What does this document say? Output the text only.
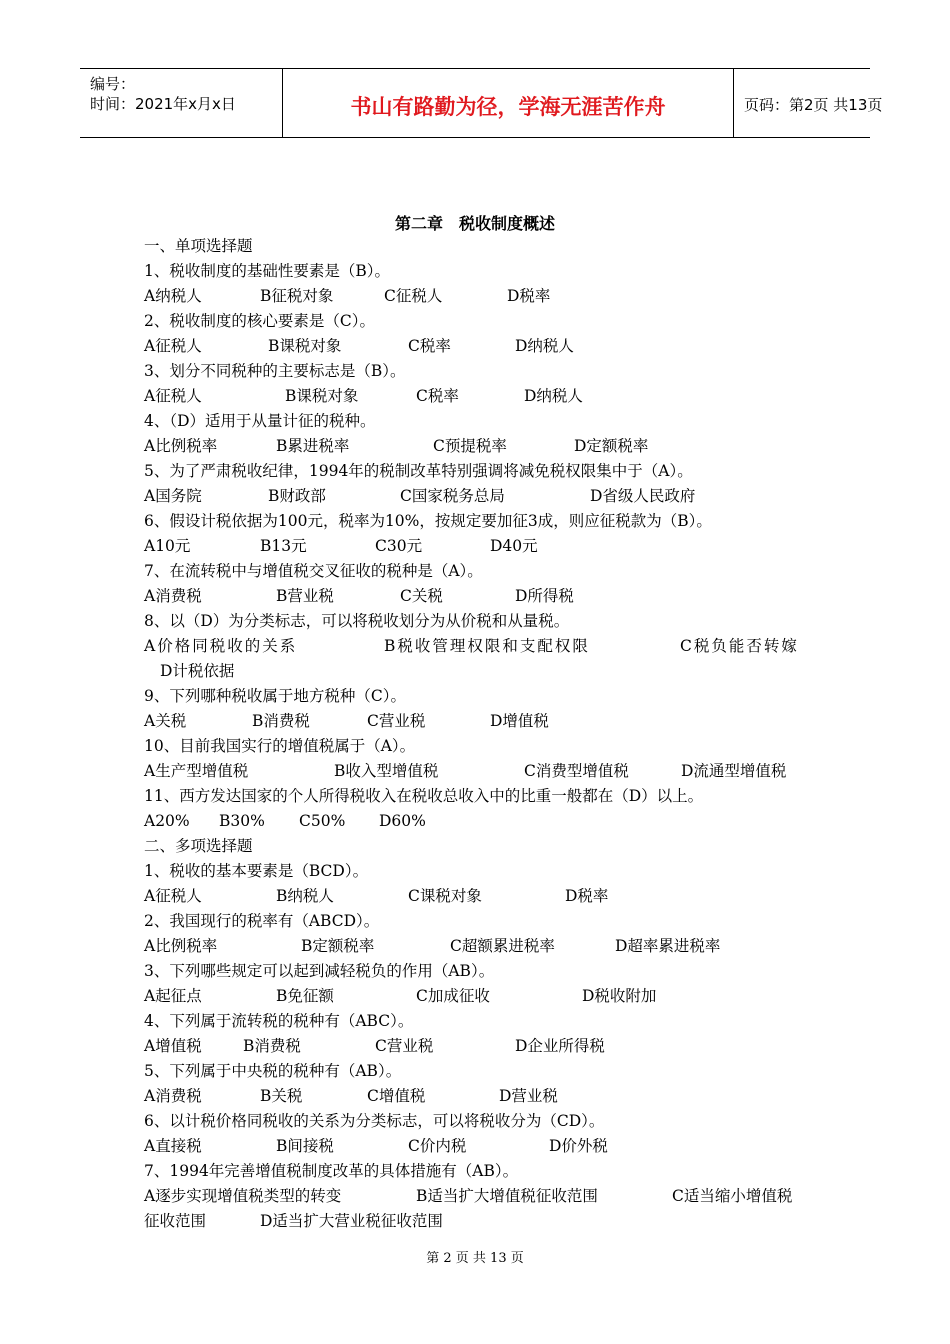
编号：
时间：2021年x月x日	书山有路勤为径，学海无涯苦作舟	页码：第2页 共13页
第二章　税收制度概述
一、单项选择题
1、税收制度的基础性要素是（B）。
A纳税人	B征税对象	C征税人	D税率
2、税收制度的核心要素是（C）。
A征税人	B课税对象	C税率	D纳税人
3、划分不同税种的主要标志是（B）。
A征税人	B课税对象	C税率	D纳税人
4、（D）适用于从量计征的税种。
A比例税率	B累进税率	C预提税率	D定额税率
5、为了严肃税收纪律，1994年的税制改革特别强调将减免税权限集中于（A）。
A国务院	B财政部	C国家税务总局	D省级人民政府
6、假设计税依据为100元，税率为10%，按规定要加征3成，则应征税款为（B）。
A10元	B13元	C30元	D40元
7、在流转税中与增值税交叉征收的税种是（A）。
A消费税	B营业税	C关税	D所得税
8、以（D）为分类标志，可以将税收划分为从价税和从量税。
A价格同税收的关系	B税收管理权限和支配权限	C税负能否转嫁
D计税依据
9、下列哪种税收属于地方税种（C）。
A关税	B消费税	C营业税	D增值税
10、目前我国实行的增值税属于（A）。
A生产型增值税	B收入型增值税	C消费型增值税	D流通型增值税
11、西方发达国家的个人所得税收入在税收总收入中的比重一般都在（D）以上。
A20% B30% C50% D60%
二、多项选择题
1、税收的基本要素是（BCD）。
A征税人	B纳税人	C课税对象	D税率
2、我国现行的税率有（ABCD）。
A比例税率	B定额税率	C超额累进税率	D超率累进税率
3、下列哪些规定可以起到减轻税负的作用（AB）。
A起征点	B免征额	C加成征收	D税收附加
4、下列属于流转税的税种有（ABC）。
A增值税	B消费税	C营业税	D企业所得税
5、下列属于中央税的税种有（AB）。
A消费税	B关税	C增值税	D营业税
6、以计税价格同税收的关系为分类标志，可以将税收分为（CD）。
A直接税	B间接税	C价内税	D价外税
7、1994年完善增值税制度改革的具体措施有（AB）。
A逐步实现增值税类型的转变	B适当扩大增值税征收范围	C适当缩小增值税
征收范围	D适当扩大营业税征收范围
第 2 页 共 13 页
